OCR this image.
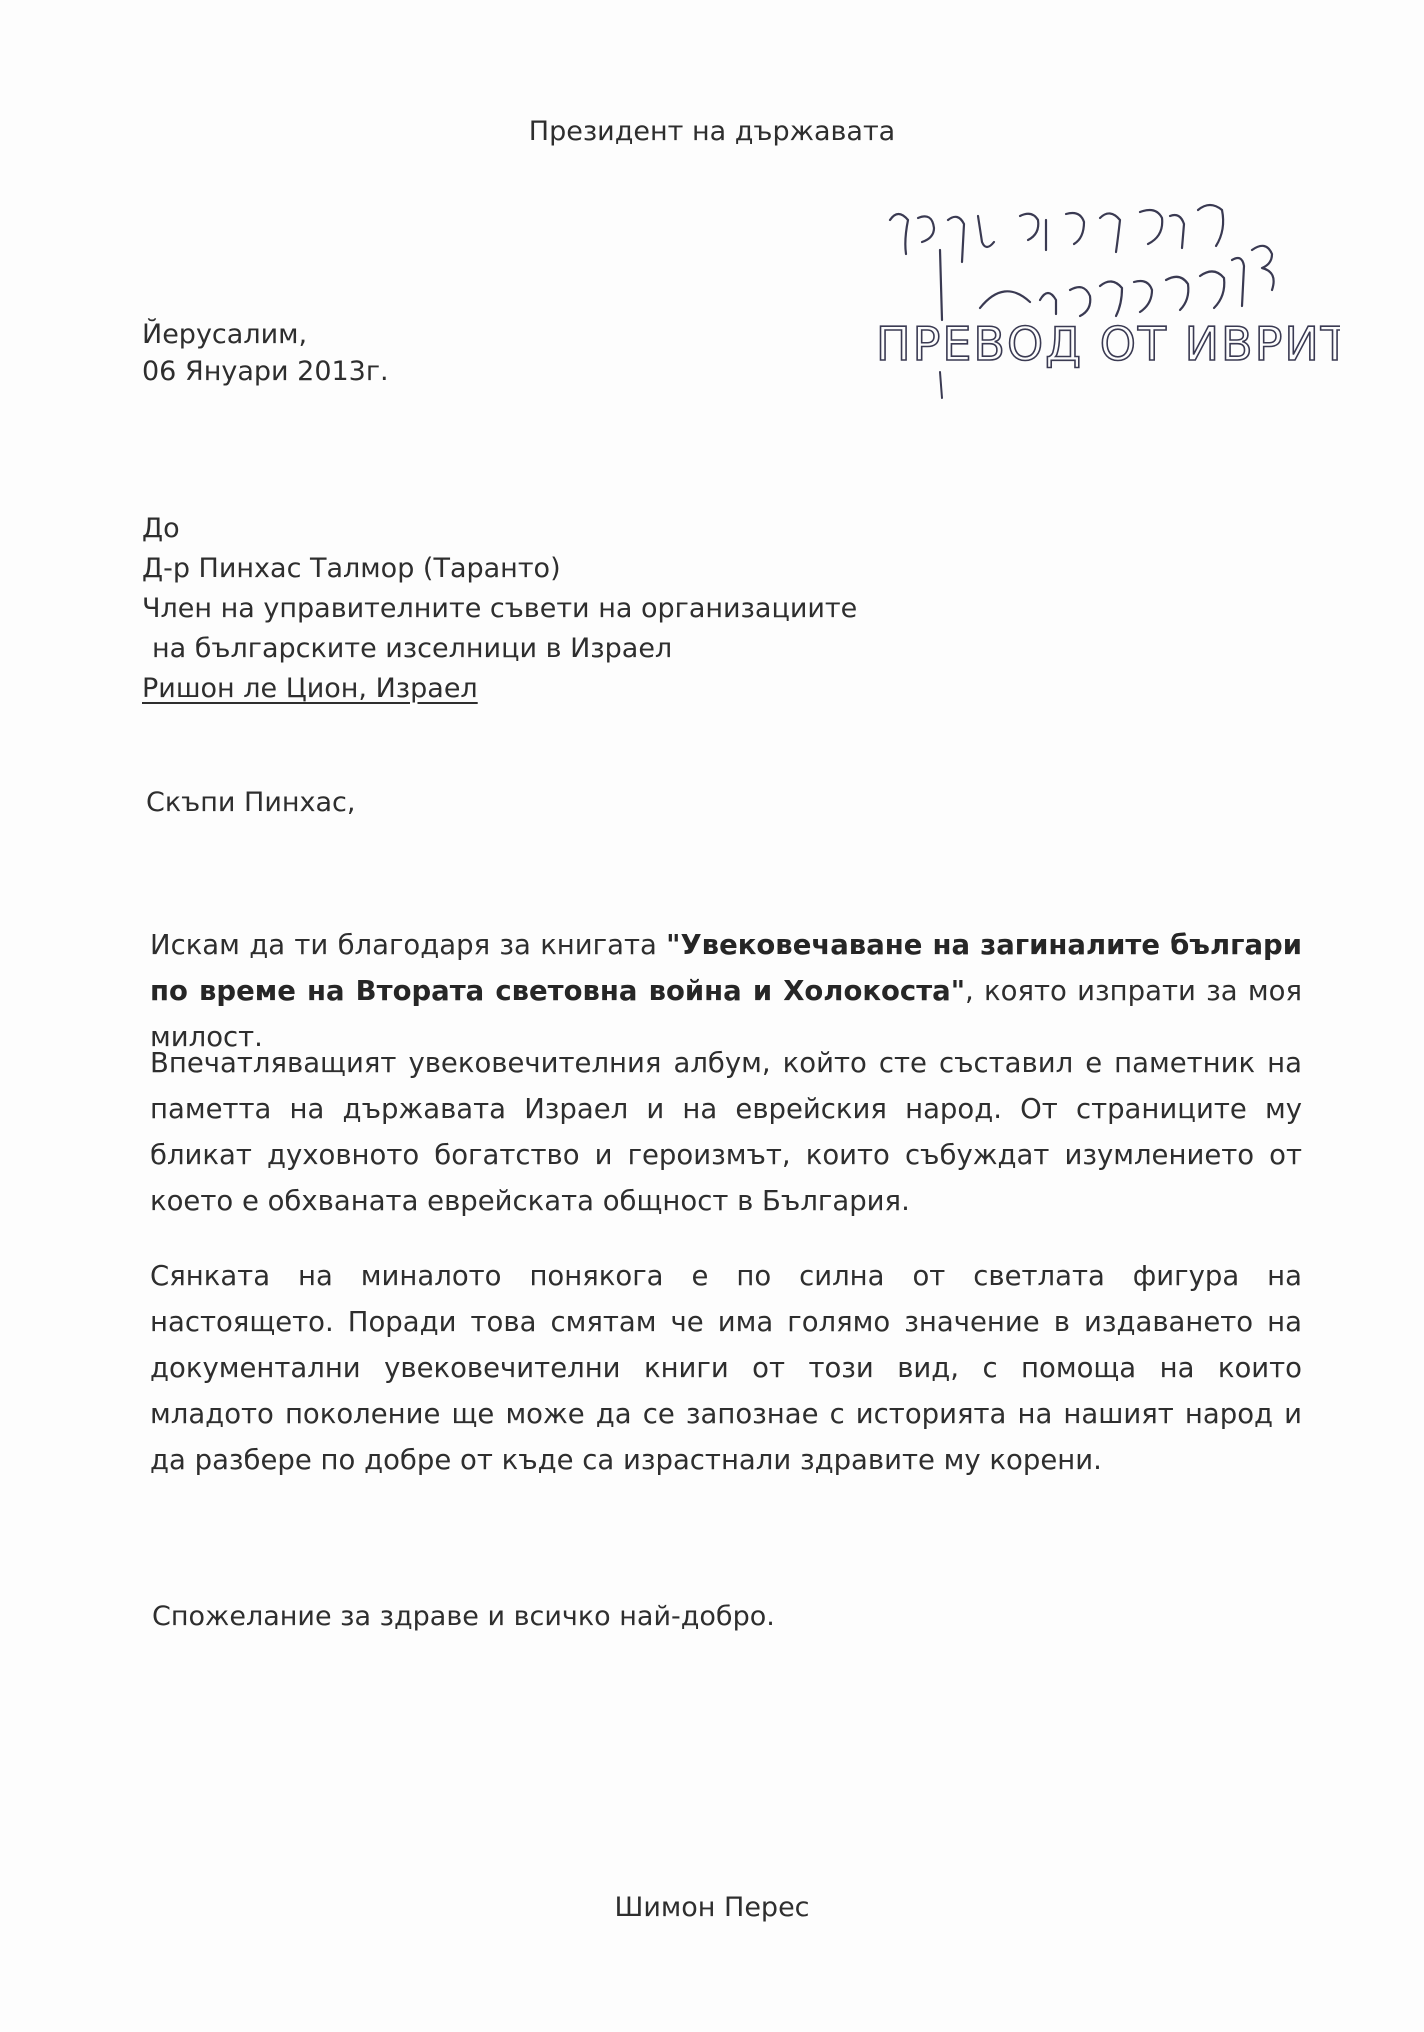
Президент на държавата
ПРЕВОД ОТ ИВРИТ
Йерусалим,
06 Януари 2013г.
До
Д-р Пинхас Талмор (Таранто)
Член на управителните съвети на организациите
на българските изселници в Израел
Ришон ле Цион, Израел
Скъпи Пинхас,
Искам да ти благодаря за книгата "Увековечаване на загиналите българи по време на Втората световна война и Холокоста", която изпрати за моя милост.
Впечатляващият увековечителния албум, който сте съставил е паметник на паметта на държавата Израел и на еврейския народ. От страниците му бликат духовното богатство и героизмът, които събуждат изумлението от което е обхваната еврейската общност в България.
Сянката на миналото понякога е по силна от светлата фигура на настоящето. Поради това смятам че има голямо значение в издаването на документални увековечителни книги от този вид, с помоща на които младото поколение ще може да се запознае с историята на нашият народ и да разбере по добре от къде са израстнали здравите му корени.
Спожелание за здраве и всичко най-добро.
Шимон Перес
